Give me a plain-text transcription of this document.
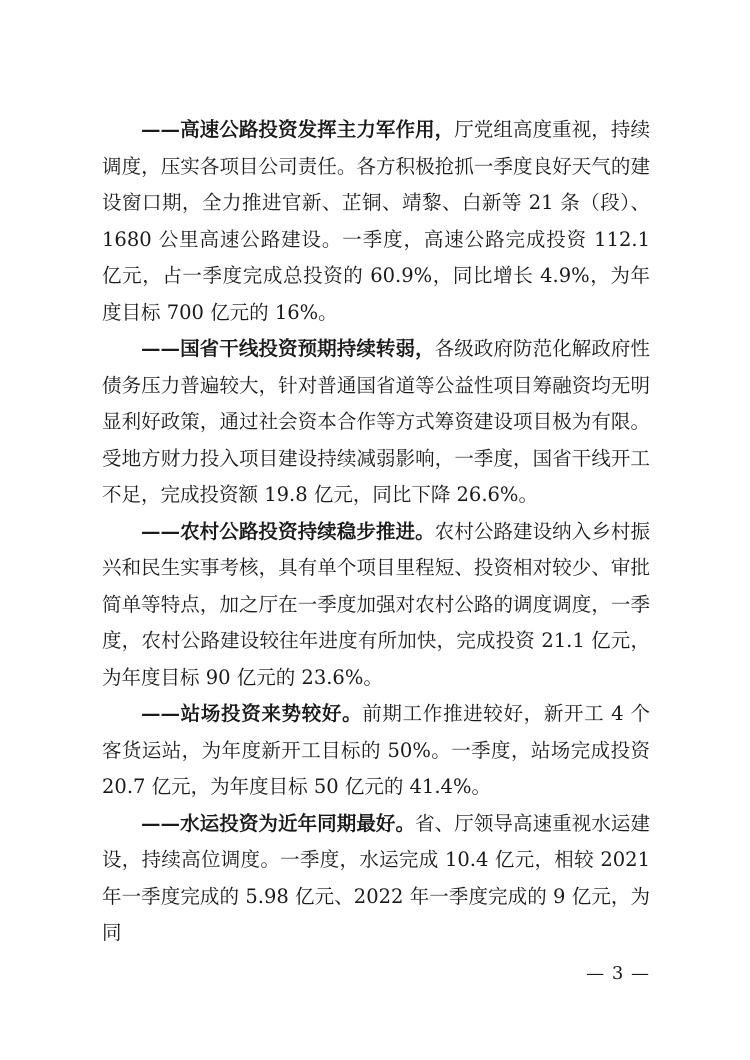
——高速公路投资发挥主力军作用，厅党组高度重视，持续调度，压实各项目公司责任。各方积极抢抓一季度良好天气的建设窗口期，全力推进官新、芷铜、靖黎、白新等 21 条（段）、1680 公里高速公路建设。一季度，高速公路完成投资 112.1 亿元，占一季度完成总投资的 60.9%，同比增长 4.9%，为年度目标 700 亿元的 16%。

——国省干线投资预期持续转弱，各级政府防范化解政府性债务压力普遍较大，针对普通国省道等公益性项目筹融资均无明显利好政策，通过社会资本合作等方式筹资建设项目极为有限。受地方财力投入项目建设持续减弱影响，一季度，国省干线开工不足，完成投资额 19.8 亿元，同比下降 26.6%。

——农村公路投资持续稳步推进。农村公路建设纳入乡村振兴和民生实事考核，具有单个项目里程短、投资相对较少、审批简单等特点，加之厅在一季度加强对农村公路的调度调度，一季度，农村公路建设较往年进度有所加快，完成投资 21.1 亿元，为年度目标 90 亿元的 23.6%。

——站场投资来势较好。前期工作推进较好，新开工 4 个客货运站，为年度新开工目标的 50%。一季度，站场完成投资 20.7 亿元，为年度目标 50 亿元的 41.4%。

——水运投资为近年同期最好。省、厅领导高速重视水运建设，持续高位调度。一季度，水运完成 10.4 亿元，相较 2021 年一季度完成的 5.98 亿元、2022 年一季度完成的 9 亿元，为同

— 3 —
